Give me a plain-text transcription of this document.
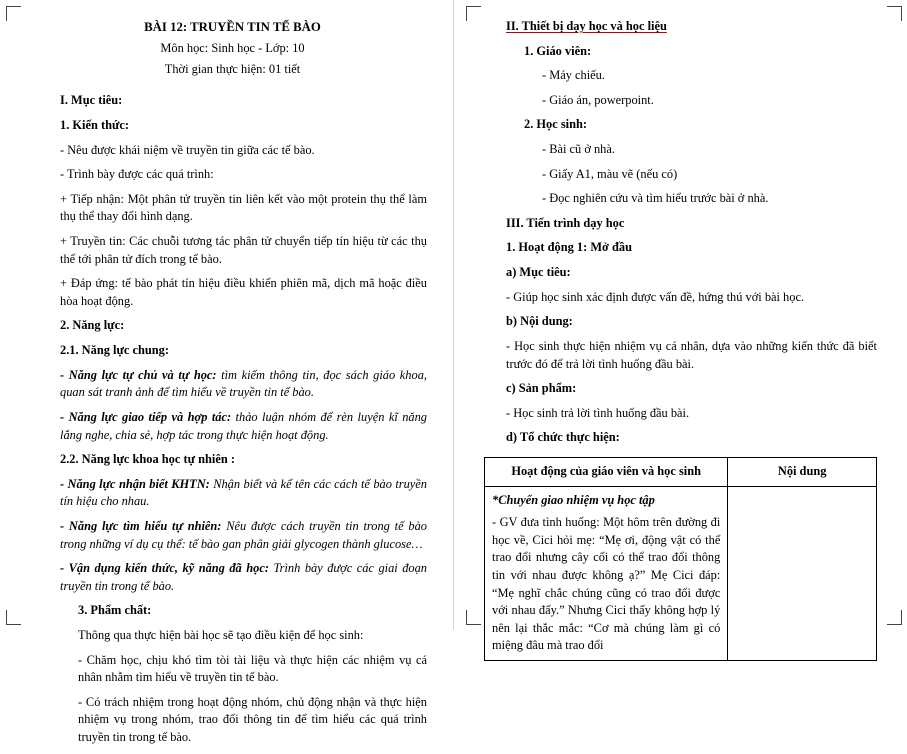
BÀI 12: TRUYỀN TIN TẾ BÀO

Môn học: Sinh học - Lớp: 10

Thời gian thực hiện: 01 tiết

I. Mục tiêu:

1. Kiến thức:

- Nêu được khái niệm về truyền tin giữa các tế bào.

- Trình bày được các quá trình:

+ Tiếp nhận: Một phân tử truyền tin liên kết vào một protein thụ thể làm thụ thể thay đổi hình dạng.

+ Truyền tin: Các chuỗi tương tác phân tử chuyển tiếp tín hiệu từ các thụ thể tới phân tử đích trong tế bào.

+ Đáp ứng: tế bào phát tín hiệu điều khiển phiên mã, dịch mã hoặc điều hòa hoạt động.

2. Năng lực:

2.1. Năng lực chung:

- Năng lực tự chủ và tự học: tìm kiếm thông tin, đọc sách giáo khoa, quan sát tranh ảnh để tìm hiểu về truyền tin tế bào.

- Năng lực giao tiếp và hợp tác: thảo luận nhóm để rèn luyện kĩ năng lắng nghe, chia sẻ, hợp tác trong thực hiện hoạt động.

2.2. Năng lực khoa học tự nhiên :

- Năng lực nhận biết KHTN: Nhận biết và kể tên các cách tế bào truyền tín hiệu cho nhau.

- Năng lực tìm hiểu tự nhiên: Nêu được cách truyền tin trong tế bào trong những ví dụ cụ thể: tế bào gan phân giải glycogen thành glucose…

- Vận dụng kiến thức, kỹ năng đã học: Trình bày được các giai đoạn truyền tin trong tế bào.

3. Phẩm chất:

Thông qua thực hiện bài học sẽ tạo điều kiện để học sinh:

- Chăm học, chịu khó tìm tòi tài liệu và thực hiện các nhiệm vụ cá nhân nhằm tìm hiểu về truyền tin tế bào.

- Có trách nhiệm trong hoạt động nhóm, chủ động nhận và thực hiện nhiệm vụ trong nhóm, trao đổi thông tin để tìm hiểu các quá trình truyền tin trong tế bào.

II. Thiết bị dạy học và học liệu

1. Giáo viên:

- Máy chiếu.

- Giáo án, powerpoint.

2. Học sinh:

- Bài cũ ở nhà.

- Giấy A1, màu vẽ (nếu có)

- Đọc nghiên cứu và tìm hiểu trước bài ở nhà.

III. Tiến trình dạy học

1. Hoạt động 1: Mở đầu

a) Mục tiêu:

- Giúp học sinh xác định được vấn đề, hứng thú với bài học.

b) Nội dung:

- Học sinh thực hiện nhiệm vụ cá nhân, dựa vào những kiến thức đã biết trước đó để trả lời tình huống đầu bài.

c) Sản phẩm:

- Học sinh trả lời tình huống đầu bài.

d) Tổ chức thực hiện:

Hoạt động của giáo viên và học sinh	Nội dung

*Chuyển giao nhiệm vụ học tập

- GV đưa tình huống: Một hôm trên đường đi học về, Cici hỏi mẹ: “Mẹ ơi, động vật có thể trao đổi nhưng cây cối có thể trao đổi thông tin với nhau được không ạ?” Mẹ Cici đáp: “Mẹ nghĩ chắc chúng cũng có trao đổi được với nhau đấy.” Nhưng Cici thấy không hợp lý nên lại thắc mắc: “Cơ mà chúng làm gì có miệng đâu mà trao đổi	
